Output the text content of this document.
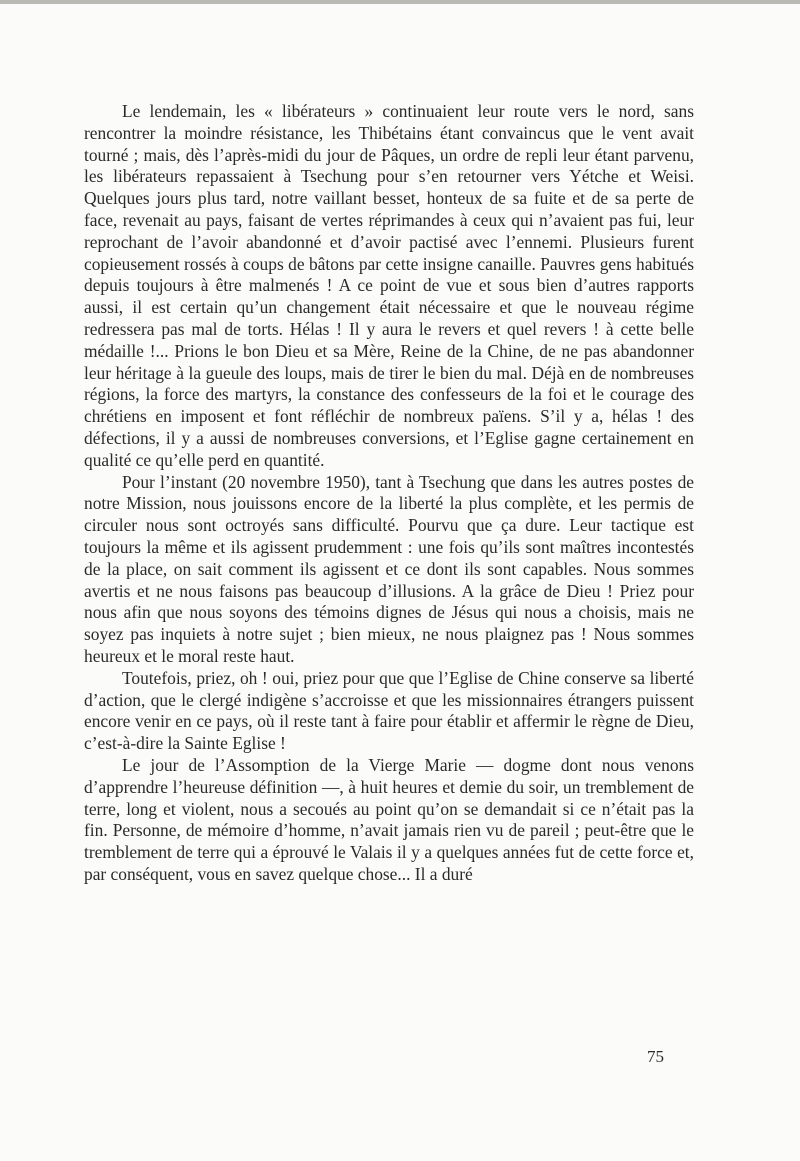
Le lendemain, les « libérateurs » continuaient leur route vers le nord, sans rencontrer la moindre résistance, les Thibétains étant convaincus que le vent avait tourné ; mais, dès l’après-midi du jour de Pâques, un ordre de repli leur étant parvenu, les libérateurs repassaient à Tsechung pour s’en retourner vers Yétche et Weisi. Quelques jours plus tard, notre vaillant besset, honteux de sa fuite et de sa perte de face, revenait au pays, faisant de vertes réprimandes à ceux qui n’avaient pas fui, leur reprochant de l’avoir abandonné et d’avoir pactisé avec l’ennemi. Plusieurs furent copieusement rossés à coups de bâtons par cette insigne canaille. Pauvres gens habitués depuis toujours à être malmenés ! A ce point de vue et sous bien d’autres rapports aussi, il est certain qu’un changement était nécessaire et que le nouveau régime redressera pas mal de torts. Hélas ! Il y aura le revers et quel revers ! à cette belle médaille !... Prions le bon Dieu et sa Mère, Reine de la Chine, de ne pas abandonner leur héritage à la gueule des loups, mais de tirer le bien du mal. Déjà en de nombreuses régions, la force des martyrs, la constance des confesseurs de la foi et le courage des chrétiens en imposent et font réfléchir de nombreux païens. S’il y a, hélas ! des défections, il y a aussi de nombreuses conversions, et l’Eglise gagne certainement en qualité ce qu’elle perd en quantité.

Pour l’instant (20 novembre 1950), tant à Tsechung que dans les autres postes de notre Mission, nous jouissons encore de la liberté la plus complète, et les permis de circuler nous sont octroyés sans difficulté. Pourvu que ça dure. Leur tactique est toujours la même et ils agissent prudemment : une fois qu’ils sont maîtres incontestés de la place, on sait comment ils agissent et ce dont ils sont capables. Nous sommes avertis et ne nous faisons pas beaucoup d’illusions. A la grâce de Dieu ! Priez pour nous afin que nous soyons des témoins dignes de Jésus qui nous a choisis, mais ne soyez pas inquiets à notre sujet ; bien mieux, ne nous plaignez pas ! Nous sommes heureux et le moral reste haut.

Toutefois, priez, oh ! oui, priez pour que que l’Eglise de Chine conserve sa liberté d’action, que le clergé indigène s’accroisse et que les missionnaires étrangers puissent encore venir en ce pays, où il reste tant à faire pour établir et affermir le règne de Dieu, c’est-à-dire la Sainte Eglise !

Le jour de l’Assomption de la Vierge Marie — dogme dont nous venons d’apprendre l’heureuse définition —, à huit heures et demie du soir, un tremblement de terre, long et violent, nous a secoués au point qu’on se demandait si ce n’était pas la fin. Personne, de mémoire d’homme, n’avait jamais rien vu de pareil ; peut-être que le tremblement de terre qui a éprouvé le Valais il y a quelques années fut de cette force et, par conséquent, vous en savez quelque chose... Il a duré

75
